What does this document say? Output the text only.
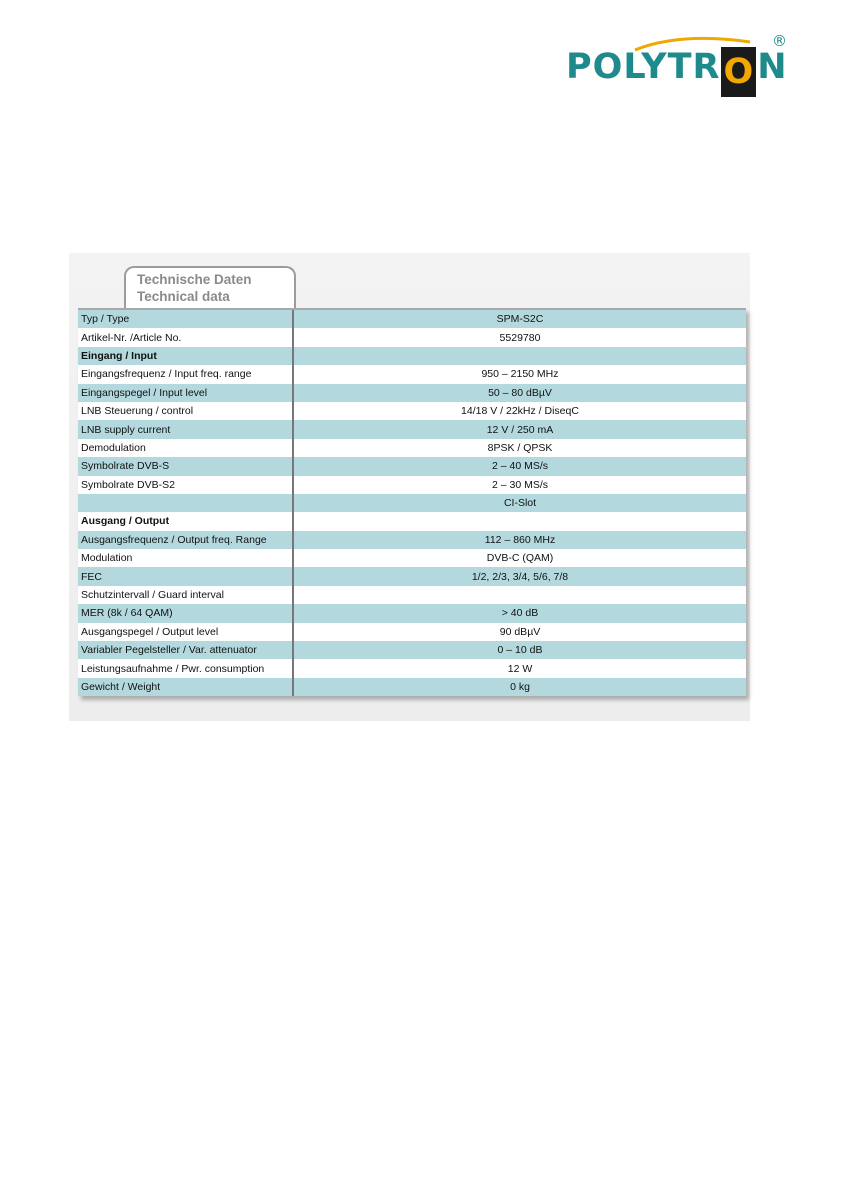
POLYTRON
®
Technische Daten
Technical data
Typ / Type	SPM-S2C
Artikel-Nr. /Article No.	5529780
Eingang / Input	
Eingangsfrequenz / Input freq. range	950 – 2150 MHz
Eingangspegel / Input level	50 – 80 dBµV
LNB Steuerung / control	14/18 V / 22kHz / DiseqC
LNB supply current	12 V / 250 mA
Demodulation	8PSK / QPSK
Symbolrate DVB-S	2 – 40 MS/s
Symbolrate DVB-S2	2 – 30 MS/s
	CI-Slot
Ausgang / Output	
Ausgangsfrequenz / Output freq. Range	112 – 860 MHz
Modulation	DVB-C (QAM)
FEC	1/2, 2/3, 3/4, 5/6, 7/8
Schutzintervall / Guard interval	
MER (8k / 64 QAM)	> 40 dB
Ausgangspegel / Output level	90 dBµV
Variabler Pegelsteller / Var. attenuator	0 – 10 dB
Leistungsaufnahme / Pwr. consumption	12 W
Gewicht / Weight	0 kg
